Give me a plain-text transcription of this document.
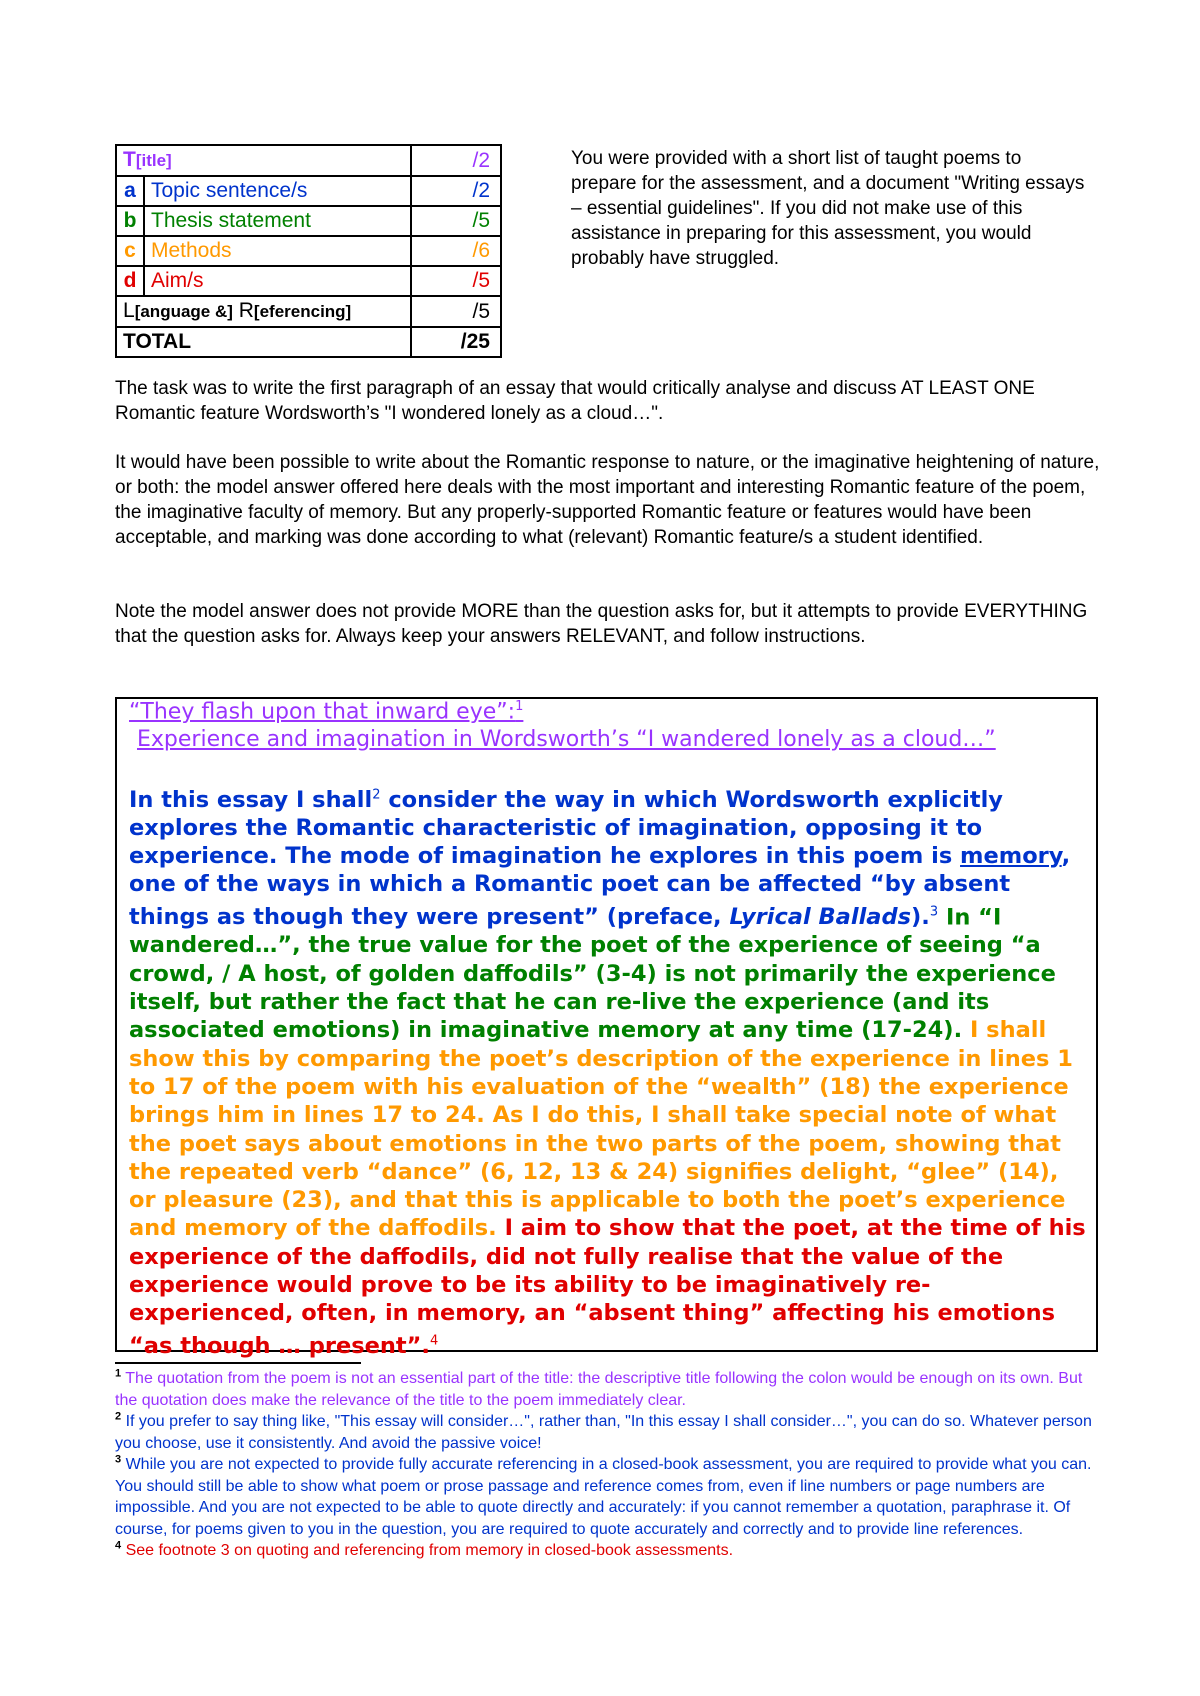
T[itle]		/2
a	Topic sentence/s	/2
b	Thesis statement	/5
c	Methods	/6
d	Aim/s	/5
L[anguage &] R[eferencing]		/5
TOTAL		/25
You were provided with a short list of taught poems to prepare for the assessment, and a document "Writing essays – essential guidelines". If you did not make use of this assistance in preparing for this assessment, you would probably have struggled.

The task was to write the first paragraph of an essay that would critically analyse and discuss AT LEAST ONE Romantic feature Wordsworth’s "I wondered lonely as a cloud…".

It would have been possible to write about the Romantic response to nature, or the imaginative heightening of nature, or both: the model answer offered here deals with the most important and interesting Romantic feature of the poem, the imaginative faculty of memory. But any properly-supported Romantic feature or features would have been acceptable, and marking was done according to what (relevant) Romantic feature/s a student identified.

Note the model answer does not provide MORE than the question asks for, but it attempts to provide EVERYTHING that the question asks for. Always keep your answers RELEVANT, and follow instructions.

“They flash upon that inward eye”:$^1$
Experience and imagination in Wordsworth’s “I wandered lonely as a cloud…”

In this essay I shall$^2$ consider the way in which Wordsworth explicitly explores the Romantic characteristic of imagination, opposing it to experience. The mode of imagination he explores in this poem is memory, one of the ways in which a Romantic poet can be affected “by absent things as though they were present” (preface, Lyrical Ballads).$^3$ In “I wandered…”, the true value for the poet of the experience of seeing “a crowd, / A host, of golden daffodils” (3-4) is not primarily the experience itself, but rather the fact that he can re-live the experience (and its associated emotions) in imaginative memory at any time (17-24). I shall show this by comparing the poet’s description of the experience in lines 1 to 17 of the poem with his evaluation of the “wealth” (18) the experience brings him in lines 17 to 24. As I do this, I shall take special note of what the poet says about emotions in the two parts of the poem, showing that the repeated verb “dance” (6, 12, 13 & 24) signifies delight, “glee” (14), or pleasure (23), and that this is applicable to both the poet’s experience and memory of the daffodils. I aim to show that the poet, at the time of his experience of the daffodils, did not fully realise that the value of the experience would prove to be its ability to be imaginatively re-experienced, often, in memory, an “absent thing” affecting his emotions “as though … present”.$^4$

$^1$ The quotation from the poem is not an essential part of the title: the descriptive title following the colon would be enough on its own. But the quotation does make the relevance of the title to the poem immediately clear.

$^2$ If you prefer to say thing like, "This essay will consider…", rather than, "In this essay I shall consider…", you can do so. Whatever person you choose, use it consistently. And avoid the passive voice!

$^3$ While you are not expected to provide fully accurate referencing in a closed-book assessment, you are required to provide what you can. You should still be able to show what poem or prose passage and reference comes from, even if line numbers or page numbers are impossible. And you are not expected to be able to quote directly and accurately: if you cannot remember a quotation, paraphrase it. Of course, for poems given to you in the question, you are required to quote accurately and correctly and to provide line references.

$^4$ See footnote 3 on quoting and referencing from memory in closed-book assessments.
